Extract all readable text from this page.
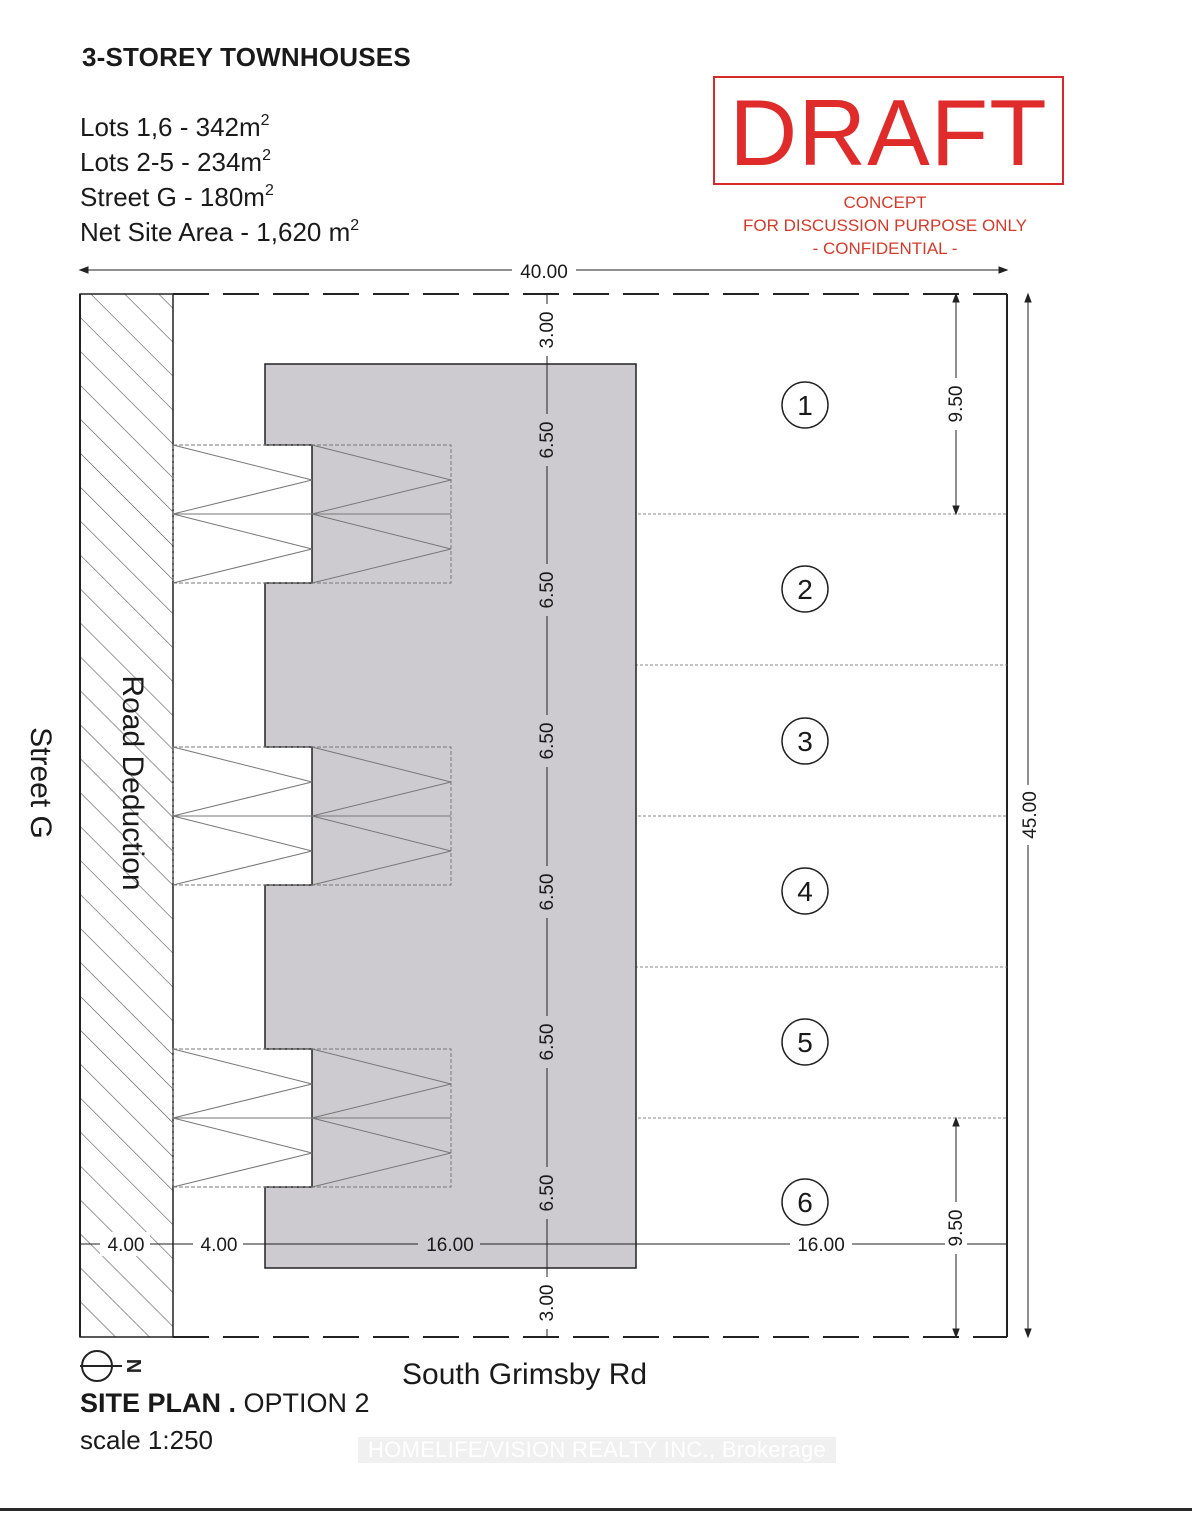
3-STOREY TOWNHOUSES
Lots $1,6 - 342m^2$
Lots $2-5 - 234m^2$
Street G - $180m^2$
Net Site Area - 1,620 $m^2$
DRAFT
CONCEPT
FOR DISCUSSION PURPOSE ONLY
- CONFIDENTIAL -
40.00
45.00
3.00
3.00
6.50
6.50
6.50
6.50
6.50
6.50
9.50
9.50
4.00	4.00	16.00	16.00
1
2
3
4
5
6
Road Deduction
Street G
N	South Grimsby Rd
SITE PLAN . OPTION 2
scale 1:250	HOMELIFE/VISION REALTY INC., Brokerage
